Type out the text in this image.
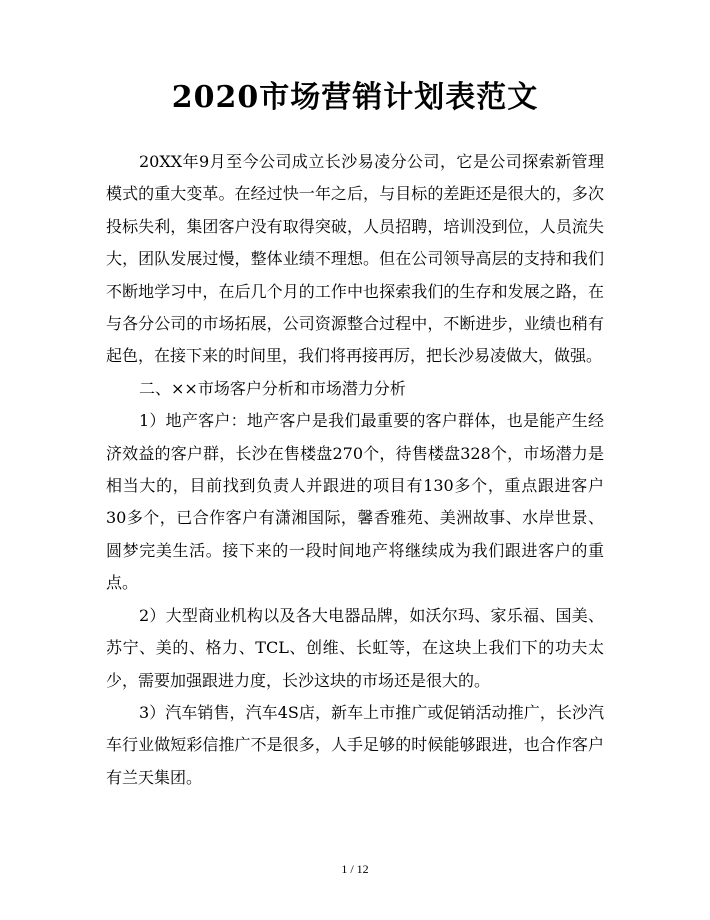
2020市场营销计划表范文

20XX年9月至今公司成立长沙易凌分公司，它是公司探索新管理模式的重大变革。在经过快一年之后，与目标的差距还是很大的，多次投标失利，集团客户没有取得突破，人员招聘，培训没到位，人员流失大，团队发展过慢，整体业绩不理想。但在公司领导高层的支持和我们不断地学习中，在后几个月的工作中也探索我们的生存和发展之路，在与各分公司的市场拓展，公司资源整合过程中，不断进步，业绩也稍有起色，在接下来的时间里，我们将再接再厉，把长沙易凌做大，做强。

二、××市场客户分析和市场潜力分析

1）地产客户：地产客户是我们最重要的客户群体，也是能产生经济效益的客户群，长沙在售楼盘270个，待售楼盘328个，市场潜力是相当大的，目前找到负责人并跟进的项目有130多个，重点跟进客户30多个，已合作客户有潇湘国际，馨香雅苑、美洲故事、水岸世景、圆梦完美生活。接下来的一段时间地产将继续成为我们跟进客户的重点。

2）大型商业机构以及各大电器品牌，如沃尔玛、家乐福、国美、苏宁、美的、格力、TCL、创维、长虹等，在这块上我们下的功夫太少，需要加强跟进力度，长沙这块的市场还是很大的。

3）汽车销售，汽车4S店，新车上市推广或促销活动推广，长沙汽车行业做短彩信推广不是很多，人手足够的时候能够跟进，也合作客户有兰天集团。

1 / 12
